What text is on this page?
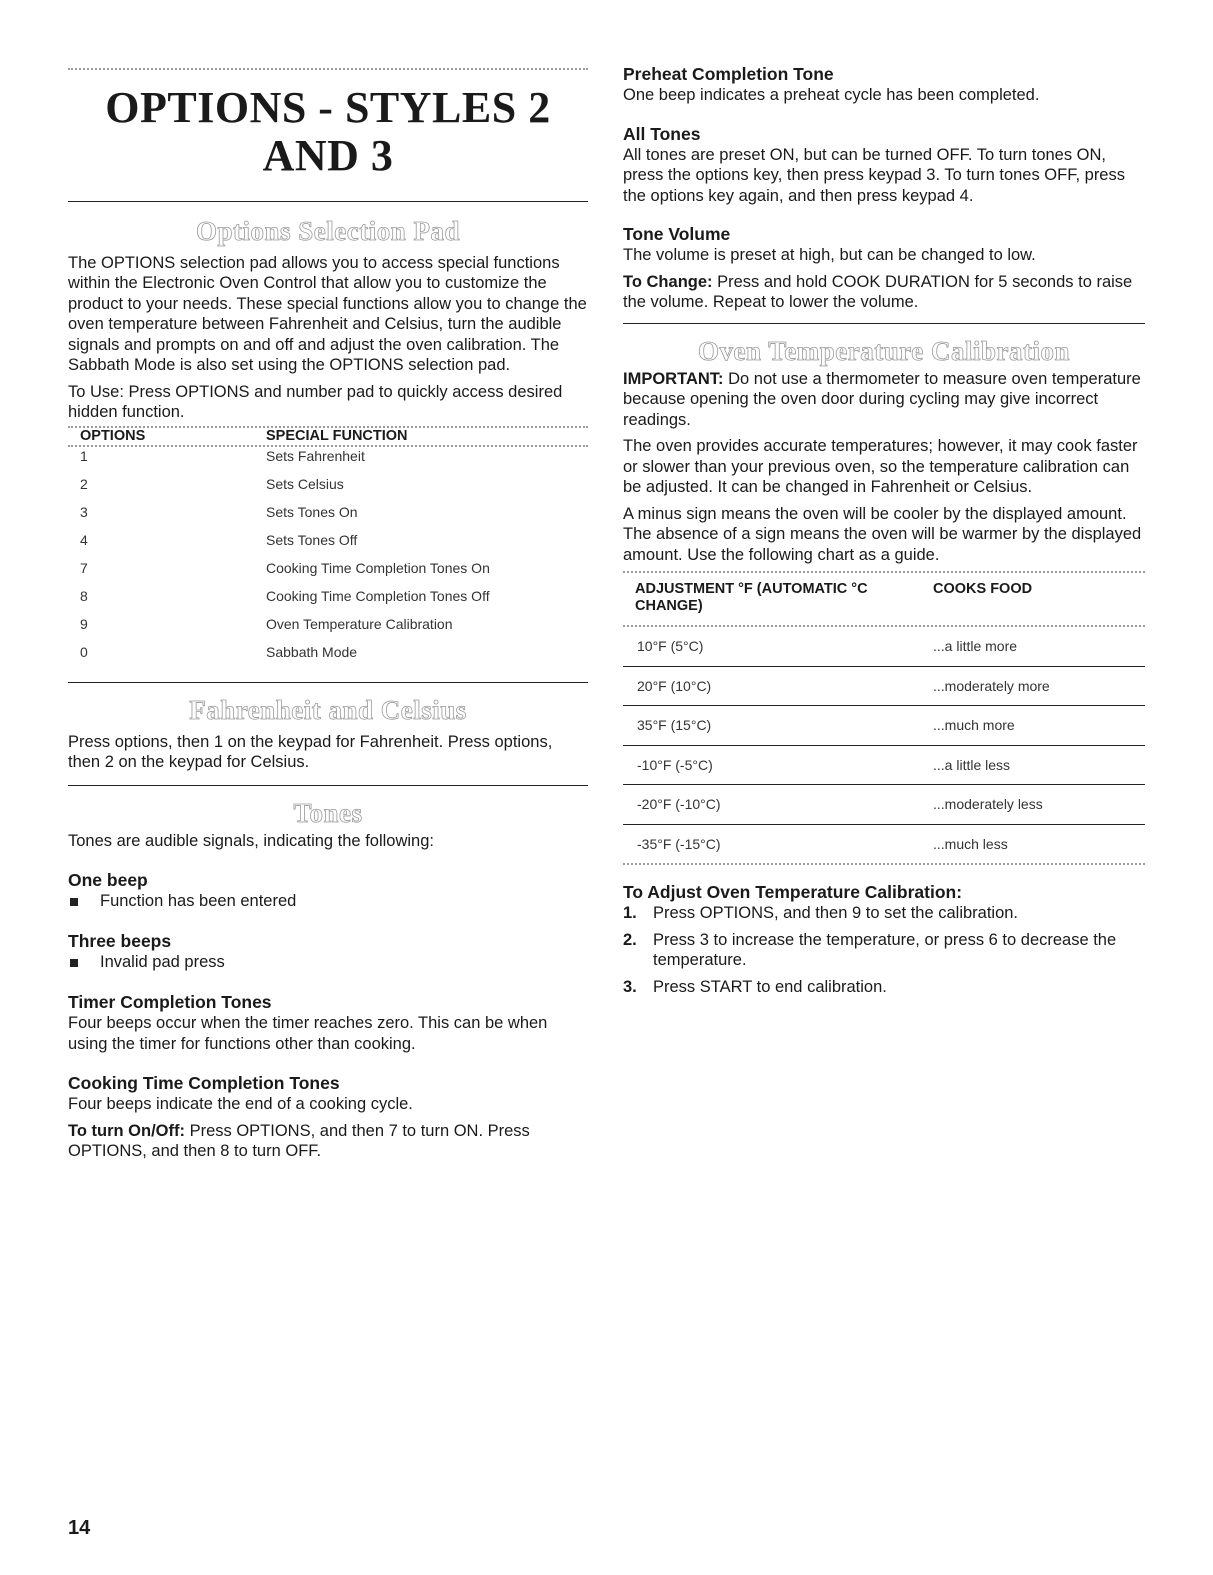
OPTIONS - STYLES 2 AND 3
Options Selection Pad

The OPTIONS selection pad allows you to access special functions within the Electronic Oven Control that allow you to customize the product to your needs. These special functions allow you to change the oven temperature between Fahrenheit and Celsius, turn the audible signals and prompts on and off and adjust the oven calibration. The Sabbath Mode is also set using the OPTIONS selection pad.

To Use: Press OPTIONS and number pad to quickly access desired hidden function.

OPTIONS	SPECIAL FUNCTION

1	Sets Fahrenheit
2	Sets Celsius
3	Sets Tones On
4	Sets Tones Off
7	Cooking Time Completion Tones On
8	Cooking Time Completion Tones Off
9	Oven Temperature Calibration
0	Sabbath Mode
Fahrenheit and Celsius

Press options, then 1 on the keypad for Fahrenheit. Press options, then 2 on the keypad for Celsius.

Tones

Tones are audible signals, indicating the following:

One beep
Function has been entered
Three beeps
Invalid pad press
Timer Completion Tones

Four beeps occur when the timer reaches zero. This can be when using the timer for functions other than cooking.

Cooking Time Completion Tones

Four beeps indicate the end of a cooking cycle.

To turn On/Off: Press OPTIONS, and then 7 to turn ON. Press OPTIONS, and then 8 to turn OFF.

Preheat Completion Tone

One beep indicates a preheat cycle has been completed.

All Tones

All tones are preset ON, but can be turned OFF. To turn tones ON, press the options key, then press keypad 3. To turn tones OFF, press the options key again, and then press keypad 4.

Tone Volume

The volume is preset at high, but can be changed to low.

To Change: Press and hold COOK DURATION for 5 seconds to raise the volume. Repeat to lower the volume.

Oven Temperature Calibration

IMPORTANT: Do not use a thermometer to measure oven temperature because opening the oven door during cycling may give incorrect readings.

The oven provides accurate temperatures; however, it may cook faster or slower than your previous oven, so the temperature calibration can be adjusted. It can be changed in Fahrenheit or Celsius.

A minus sign means the oven will be cooler by the displayed amount. The absence of a sign means the oven will be warmer by the displayed amount. Use the following chart as a guide.

ADJUSTMENT °F (AUTOMATIC °C CHANGE)	COOKS FOOD

10°F (5°C)	...a little more
20°F (10°C)	...moderately more
35°F (15°C)	...much more
-10°F (-5°C)	...a little less
-20°F (-10°C)	...moderately less
-35°F (-15°C)	...much less
To Adjust Oven Temperature Calibration:
1. Press OPTIONS, and then 9 to set the calibration.
2. Press 3 to increase the temperature, or press 6 to decrease the temperature.
3. Press START to end calibration.
14
